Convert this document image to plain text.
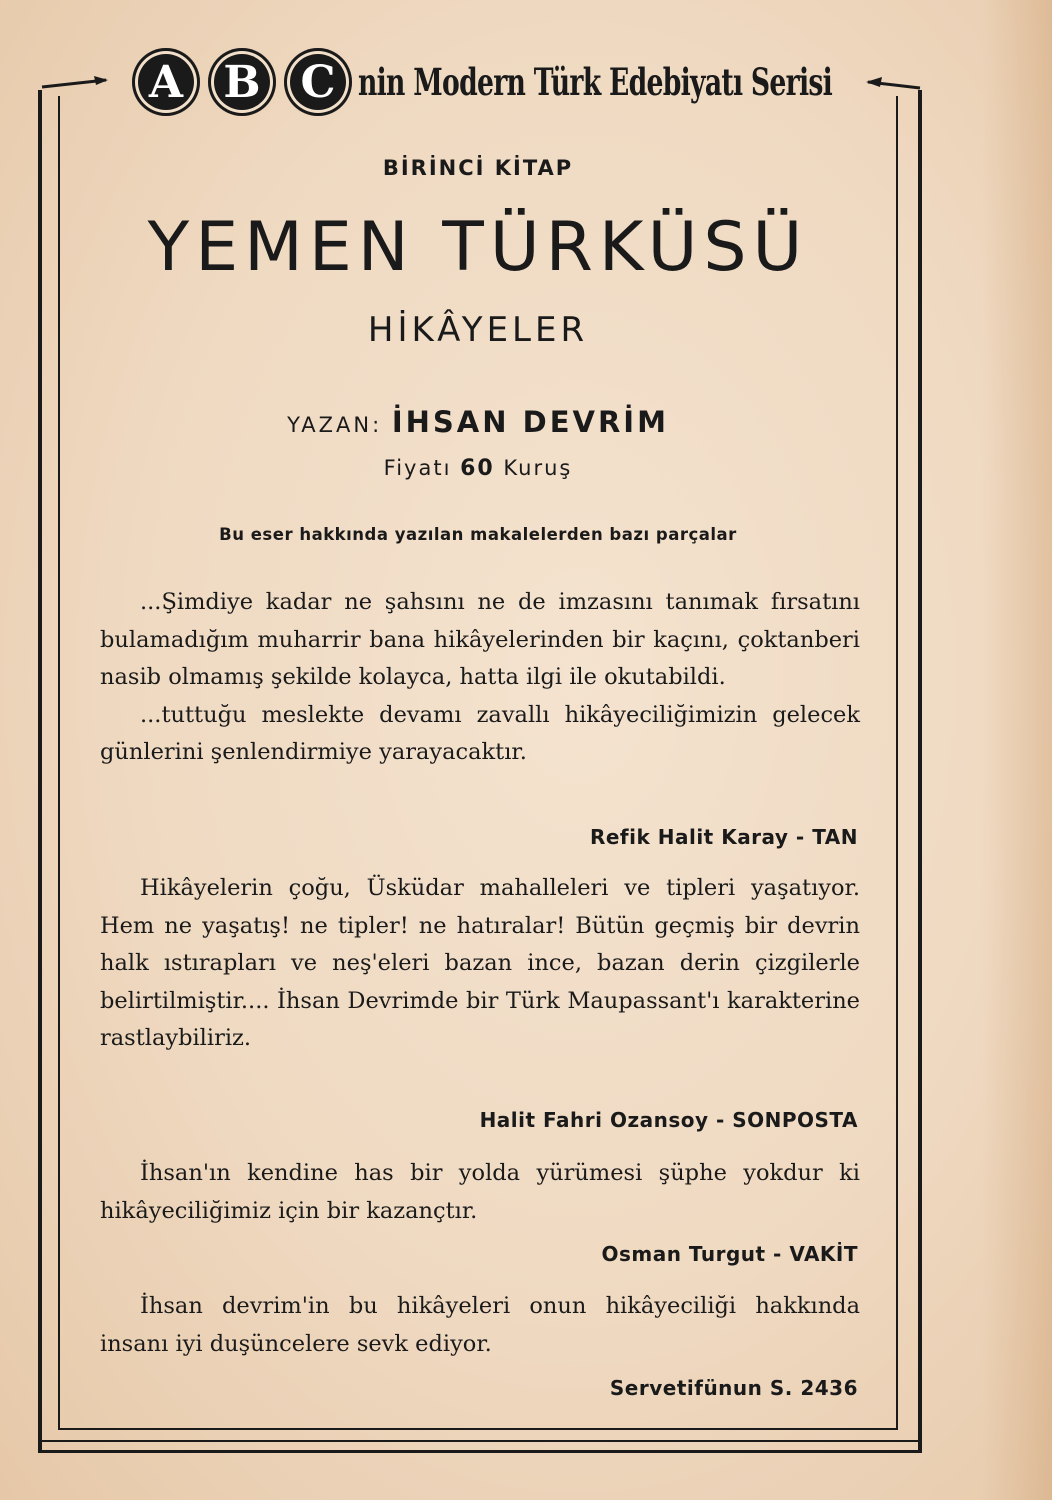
A B C nin Modern Türk Edebiyatı Serisi
BİRİNCİ KİTAP
YEMEN TÜRKÜSÜ
HİKÂYELER
YAZAN: İHSAN DEVRİM
Fiyatı 60 Kuruş
Bu eser hakkında yazılan makalelerden bazı parçalar

...Şimdiye kadar ne şahsını ne de imzasını tanımak fırsatını bulamadığım muharrir bana hikâyelerinden bir kaçını, çoktanberi nasib olmamış şekilde kolayca, hatta ilgi ile okutabildi.

...tuttuğu meslekte devamı zavallı hikâyeciliğimizin gelecek günlerini şenlendirmiye yarayacaktır.

Refik Halit Karay - TAN

Hikâyelerin çoğu, Üsküdar mahalleleri ve tipleri yaşatıyor. Hem ne yaşatış! ne tipler! ne hatıralar! Bütün geçmiş bir devrin halk ıstırapları ve neş'eleri bazan ince, bazan derin çizgilerle belirtilmiştir.... İhsan Devrimde bir Türk Maupassant'ı karakterine rastlaybiliriz.

Halit Fahri Ozansoy - SONPOSTA

İhsan'ın kendine has bir yolda yürümesi şüphe yokdur ki hikâyeciliğimiz için bir kazançtır.

Osman Turgut - VAKİT

İhsan devrim'in bu hikâyeleri onun hikâyeciliği hakkında insanı iyi duşüncelere sevk ediyor.

Servetifünun S. 2436
